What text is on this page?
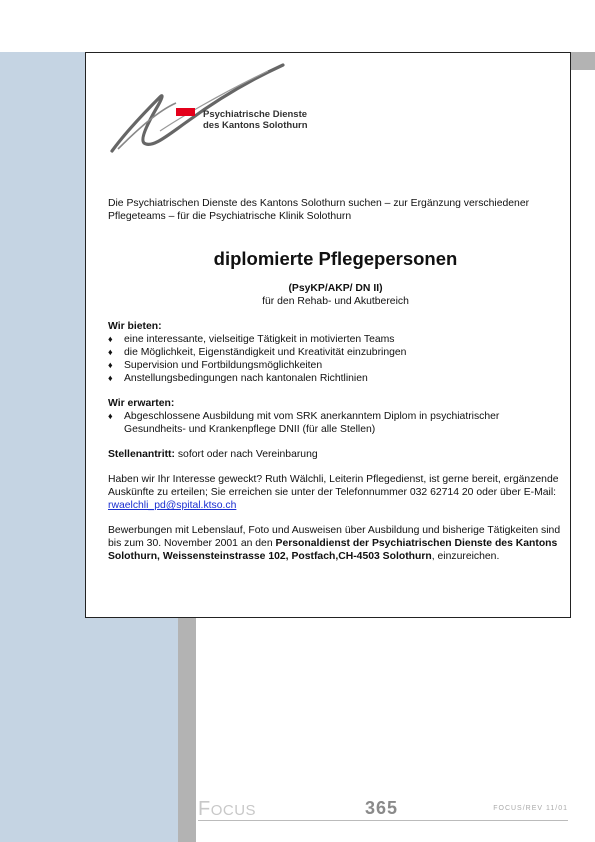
Psychiatrische Dienste
des Kantons Solothurn

Die Psychiatrischen Dienste des Kantons Solothurn suchen – zur Ergänzung verschiedener Pflegeteams – für die Psychiatrische Klinik Solothurn

diplomierte Pflegepersonen
(PsyKP/AKP/ DN II)
für den Rehab- und Akutbereich
Wir bieten:
♦ eine interessante, vielseitige Tätigkeit in motivierten Teams
♦ die Möglichkeit, Eigenständigkeit und Kreativität einzubringen
♦ Supervision und Fortbildungsmöglichkeiten
♦ Anstellungsbedingungen nach kantonalen Richtlinien
Wir erwarten:
♦ Abgeschlossene Ausbildung mit vom SRK anerkanntem Diplom in psychiatrischer Gesundheits- und Krankenpflege DNII (für alle Stellen)

Stellenantritt: sofort oder nach Vereinbarung

Haben wir Ihr Interesse geweckt? Ruth Wälchli, Leiterin Pflegedienst, ist gerne bereit, ergänzende Auskünfte zu erteilen; Sie erreichen sie unter der Telefonnummer 032 62714 20 oder über E-Mail: rwaelchli_pd@spital.ktso.ch

Bewerbungen mit Lebenslauf, Foto und Ausweisen über Ausbildung und bisherige Tätigkeiten sind bis zum 30. November 2001 an den Personaldienst der Psychiatrischen Dienste des Kantons Solothurn, Weissensteinstrasse 102, Postfach,CH-4503 Solothurn, einzureichen.

FOCUS	365	FOCUS/REV 11/01
